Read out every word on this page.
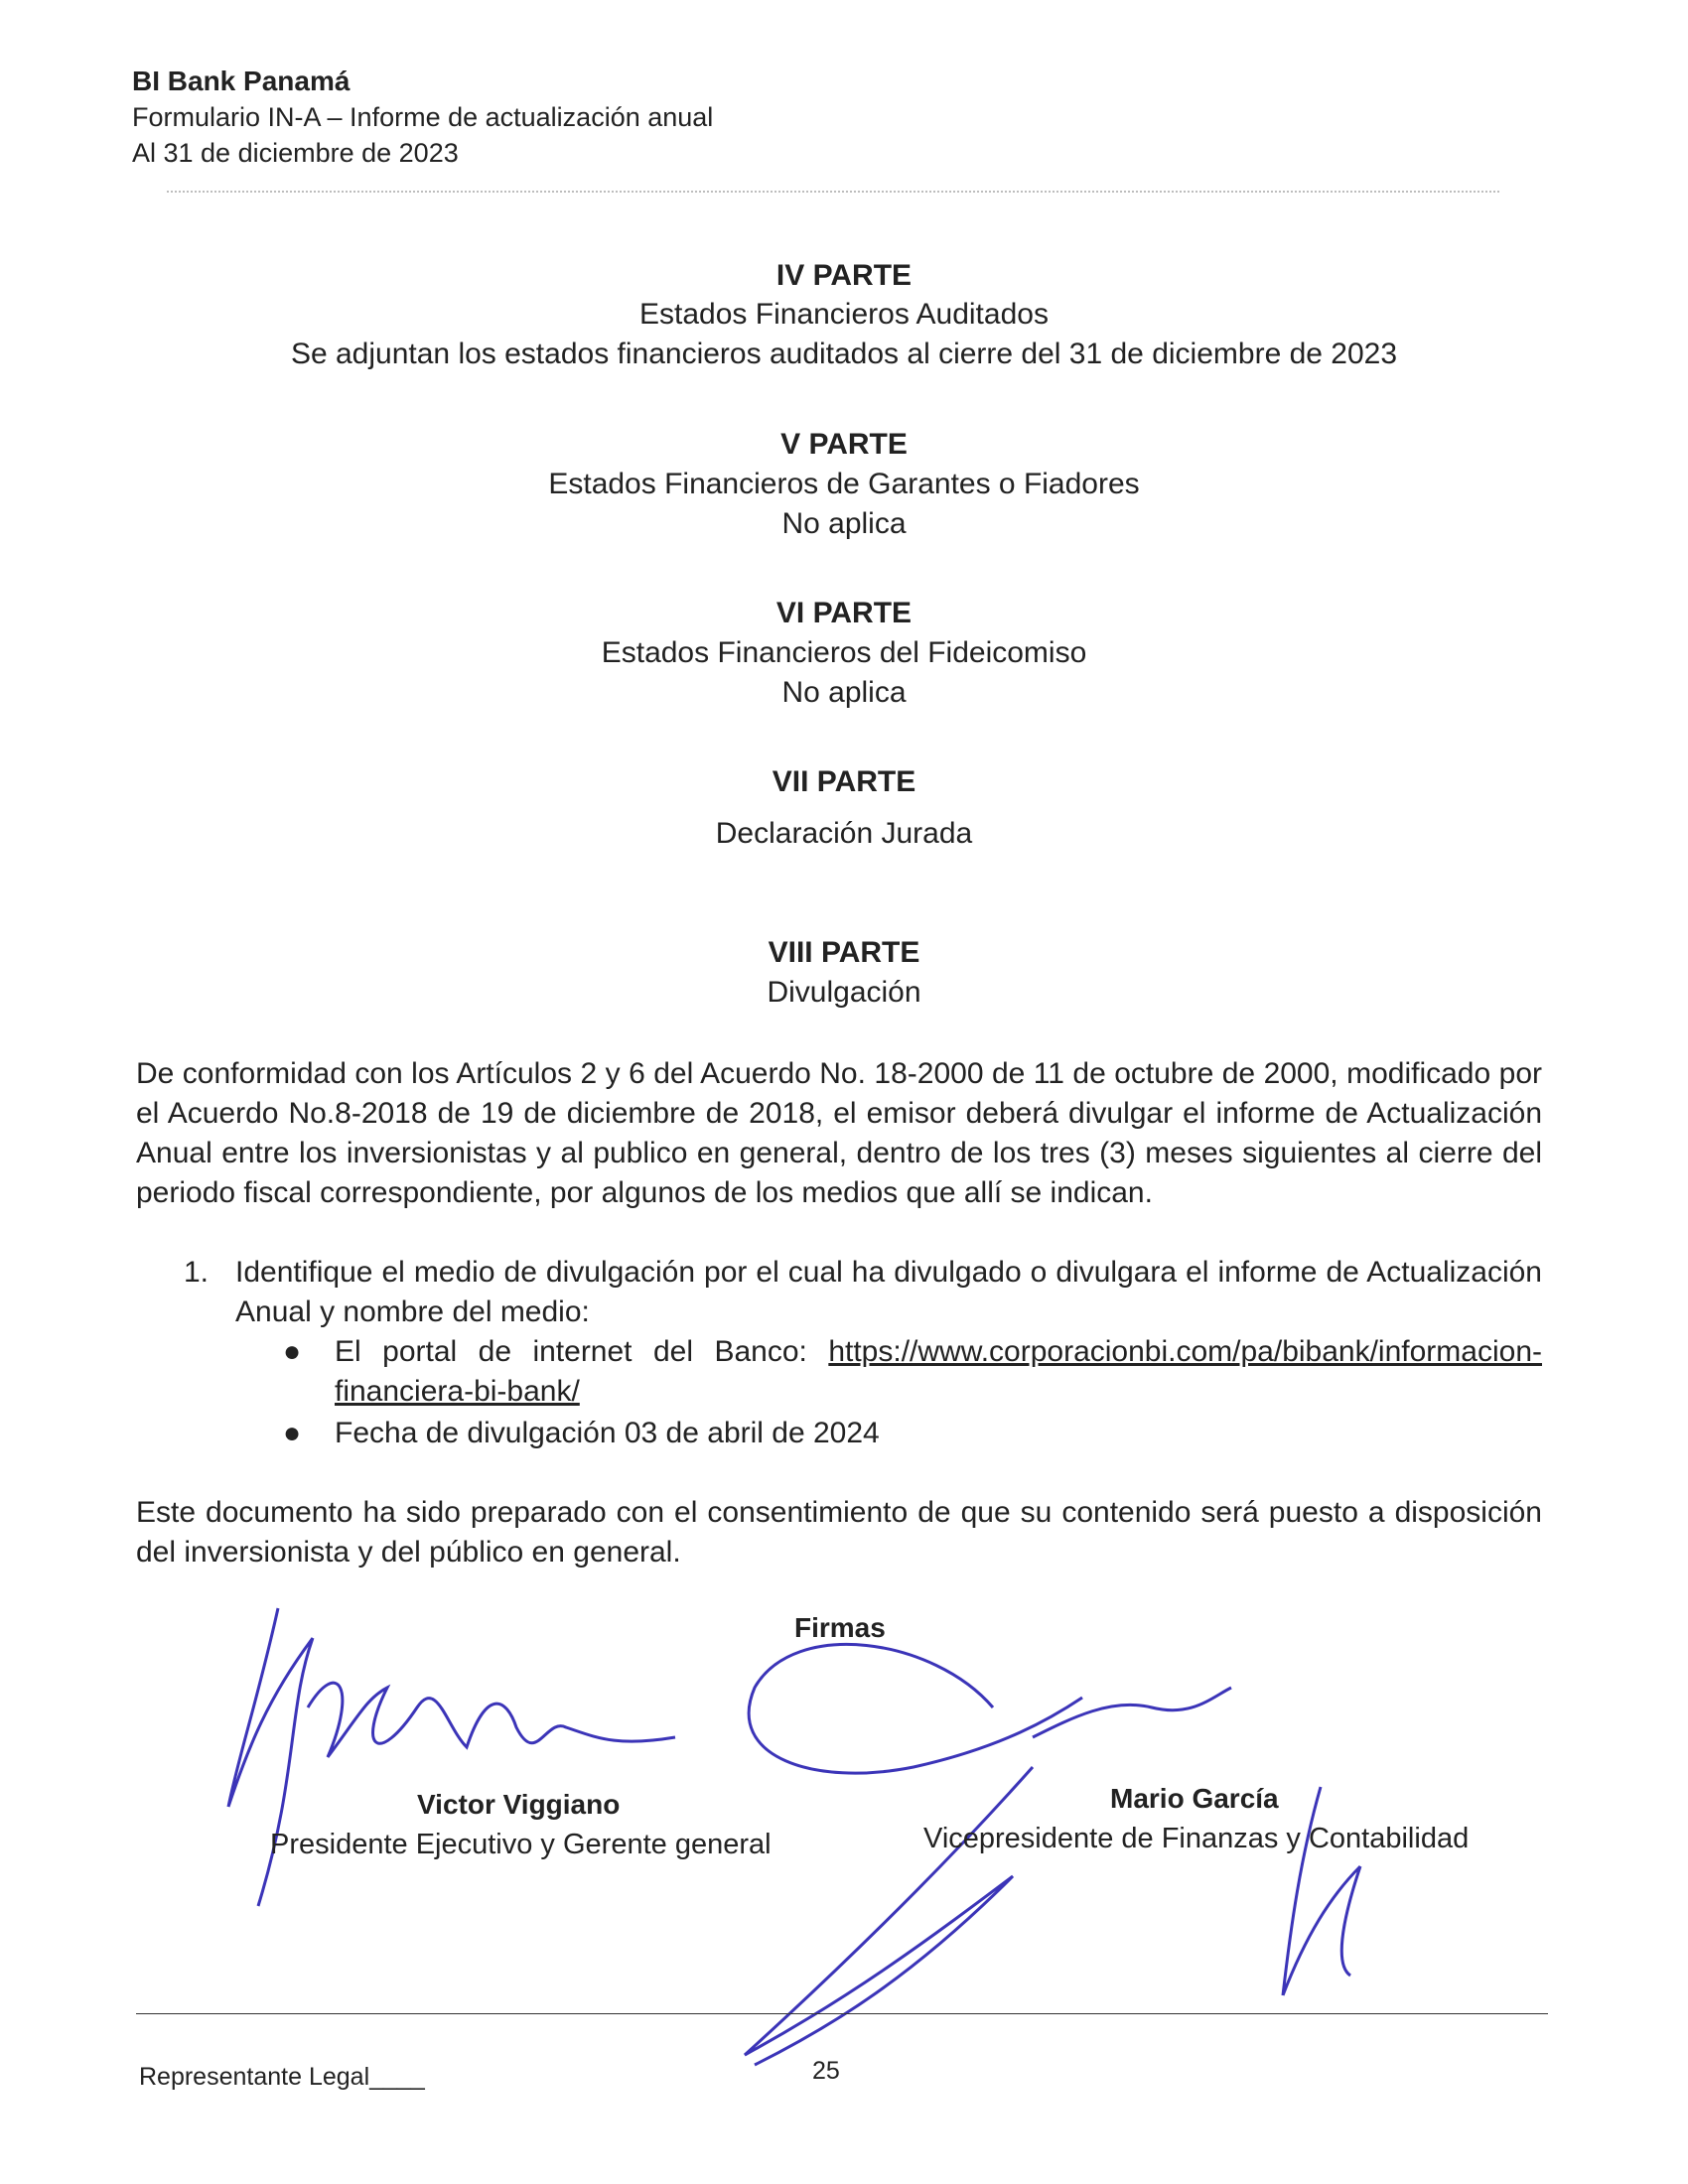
BI Bank Panamá
Formulario IN-A – Informe de actualización anual
Al 31 de diciembre de 2023
IV PARTE
Estados Financieros Auditados
Se adjuntan los estados financieros auditados al cierre del 31 de diciembre de 2023
V PARTE
Estados Financieros de Garantes o Fiadores
No aplica
VI PARTE
Estados Financieros del Fideicomiso
No aplica
VII PARTE
Declaración Jurada
VIII PARTE
Divulgación
De conformidad con los Artículos 2 y 6 del Acuerdo No. 18-2000 de 11 de octubre de 2000, modificado por el Acuerdo No.8-2018 de 19 de diciembre de 2018, el emisor deberá divulgar el informe de Actualización Anual entre los inversionistas y al publico en general, dentro de los tres (3) meses siguientes al cierre del periodo fiscal correspondiente, por algunos de los medios que allí se indican.
1. Identifique el medio de divulgación por el cual ha divulgado o divulgara el informe de Actualización Anual y nombre del medio:
● El portal de internet del Banco: https://www.corporacionbi.com/pa/bibank/informacion-financiera-bi-bank/
● Fecha de divulgación 03 de abril de 2024
Este documento ha sido preparado con el consentimiento de que su contenido será puesto a disposición del inversionista y del público en general.
Firmas
Victor Viggiano
Presidente Ejecutivo y Gerente general
Mario García
Vicepresidente de Finanzas y Contabilidad
Representante Legal____	25
